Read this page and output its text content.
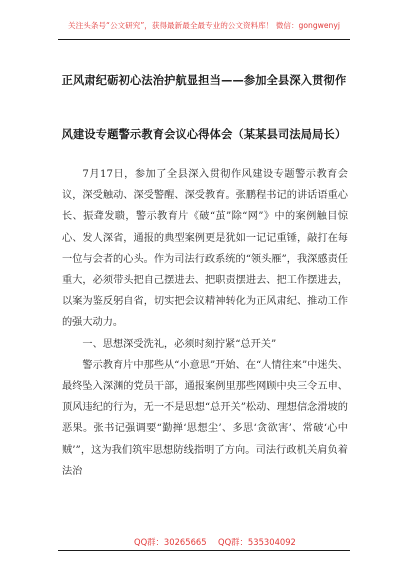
关注头条号“公文研究”，获得最新最全最专业的公文资料库！ 微信：gongwenyj
正风肃纪砺初心法治护航显担当——参加全县深入贯彻作
风建设专题警示教育会议心得体会（某某县司法局局长）

7月17日，参加了全县深入贯彻作风建设专题警示教育会议，深受触动、深受警醒、深受教育。张鹏程书记的讲话语重心长、振聋发聩，警示教育片《破“茧”除“网”》中的案例触目惊心、发人深省，通报的典型案例更是犹如一记记重锤，敲打在每一位与会者的心头。作为司法行政系统的“领头雁”，我深感责任重大，必须带头把自己摆进去、把职责摆进去、把工作摆进去，以案为鉴反躬自省，切实把会议精神转化为正风肃纪、推动工作的强大动力。

一、思想深受洗礼，必须时刻拧紧“总开关”

警示教育片中那些从“小意思”开始、在“人情往来”中迷失、最终坠入深渊的党员干部，通报案例里那些网顾中央三令五申、顶风违纪的行为，无一不是思想“总开关”松动、理想信念滑坡的恶果。张书记强调要“勤掸‘思想尘’、多思‘贪欲害’、常破‘心中贼’”，这为我们筑牢思想防线指明了方向。司法行政机关肩负着法治

QQ群：30265665 QQ群：535304092
